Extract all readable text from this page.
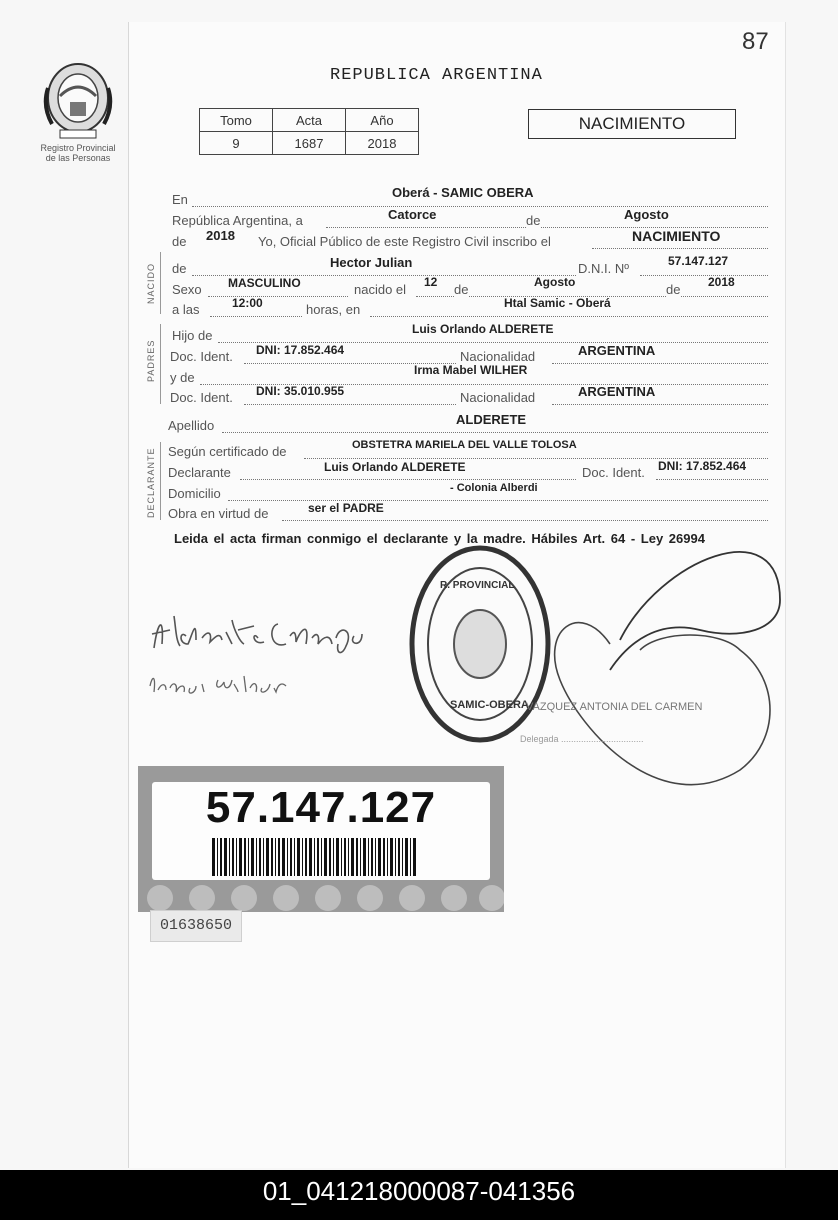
87
Registro Provincial
de las Personas
REPUBLICA ARGENTINA
Tomo	Acta	Año
9	1687	2018
NACIMIENTO
NACIDO
PADRES
DECLARANTE
En	Oberá - SAMIC OBERA
República Argentina, a	Catorce	de	Agosto
de 2018 Yo, Oficial Público de este Registro Civil inscribo el	NACIMIENTO
de	Hector Julian	D.N.I. Nº	57.147.127
Sexo MASCULINO	nacido el 12 de	Agosto	de 2018
a las	12:00	horas, en	Htal Samic - Oberá
Hijo de	Luis Orlando ALDERETE
Doc. Ident. DNI: 17.852.464	Nacionalidad	ARGENTINA
y de	Irma Mabel WILHER
Doc. Ident. DNI: 35.010.955	Nacionalidad	ARGENTINA
Apellido	ALDERETE
Según certificado de	OBSTETRA MARIELA DEL VALLE TOLOSA
Declarante	Luis Orlando ALDERETE	Doc. Ident. DNI: 17.852.464
Domicilio	- Colonia Alberdi
Obra en virtud de	ser el PADRE
Leida el acta firman conmigo el declarante y la madre. Hábiles Art. 64 - Ley 26994
R. PROVINCIAL
SAMIC-OBERA
VAZQUEZ ANTONIA DEL CARMEN
Delegada .................................
57.147.127
01638650
01_041218000087-041356
